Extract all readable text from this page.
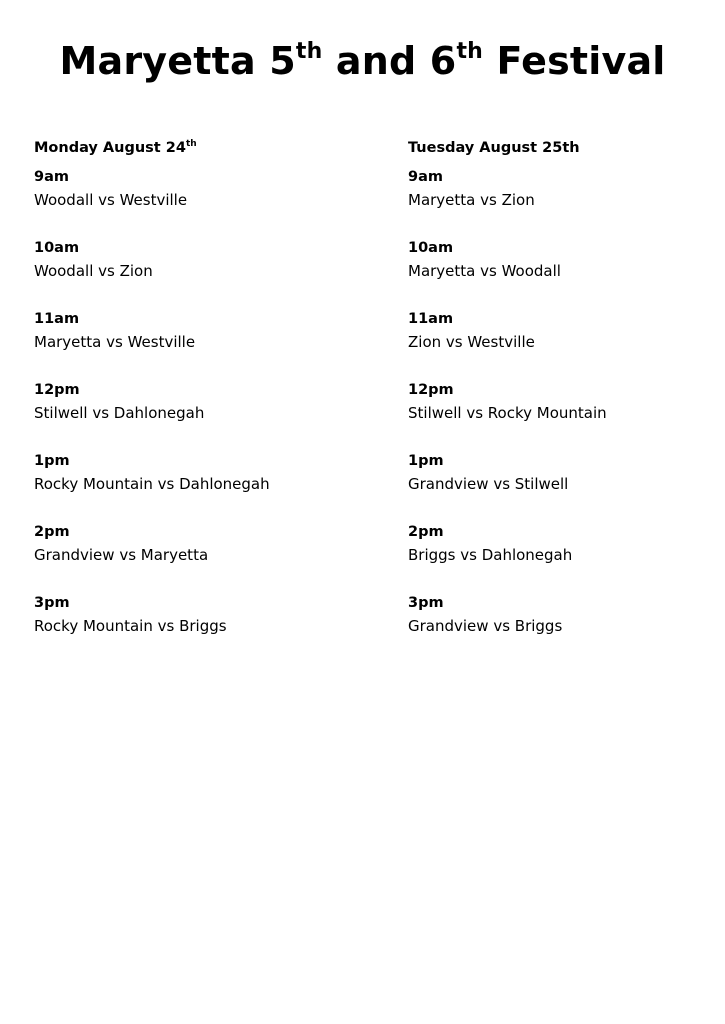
Maryetta 5th and 6th Festival
Monday August 24th
9am
Woodall vs Westville
10am
Woodall vs Zion
11am
Maryetta vs Westville
12pm
Stilwell vs Dahlonegah
1pm
Rocky Mountain vs Dahlonegah
2pm
Grandview vs Maryetta
3pm
Rocky Mountain vs Briggs
Tuesday August 25th
9am
Maryetta vs Zion
10am
Maryetta vs Woodall
11am
Zion vs Westville
12pm
Stilwell vs Rocky Mountain
1pm
Grandview vs Stilwell
2pm
Briggs vs Dahlonegah
3pm
Grandview vs Briggs
